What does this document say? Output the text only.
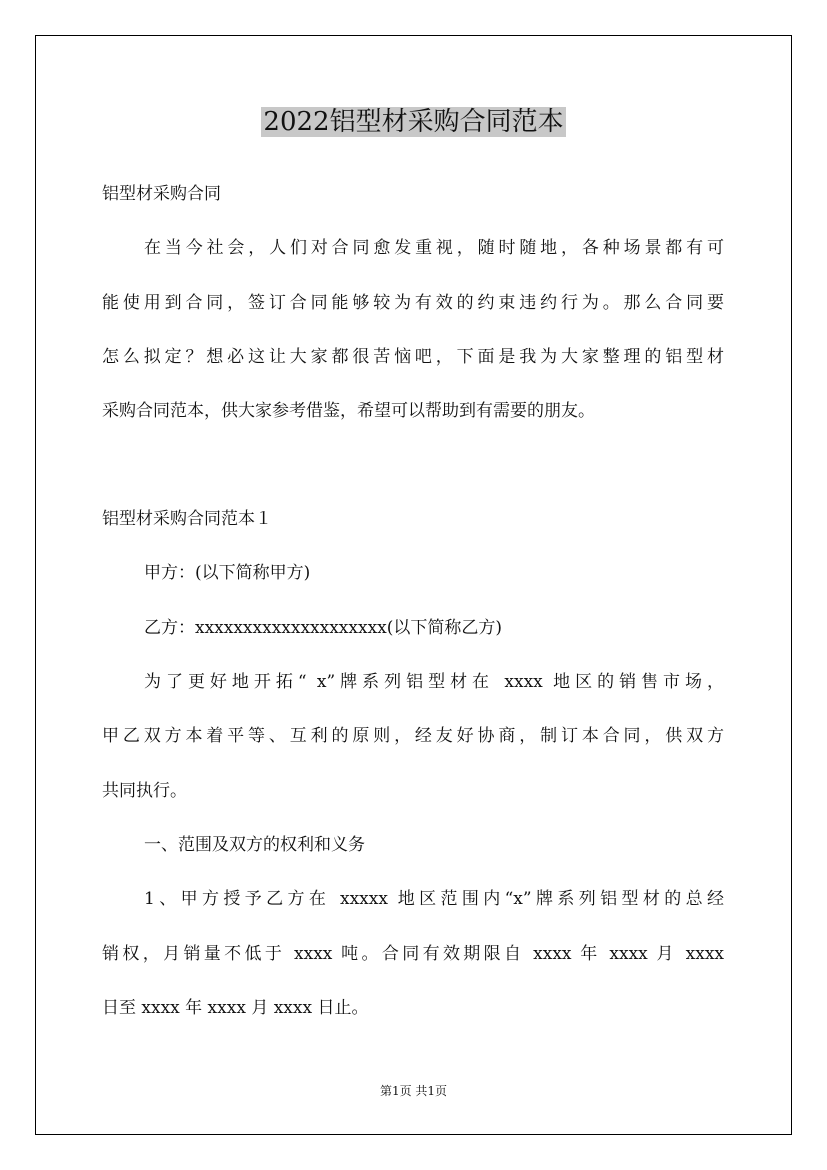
2022铝型材采购合同范本
铝型材采购合同
在当今社会，人们对合同愈发重视，随时随地，各种场景都有可
能使用到合同，签订合同能够较为有效的约束违约行为。那么合同要
怎么拟定？想必这让大家都很苦恼吧，下面是我为大家整理的铝型材
采购合同范本，供大家参考借鉴，希望可以帮助到有需要的朋友。
铝型材采购合同范本１
甲方：(以下简称甲方)
乙方：xxxxxxxxxxxxxxxxxxxx(以下简称乙方)
为了更好地开拓“ x”牌系列铝型材在 xxxx 地区的销售市场，
甲乙双方本着平等、互利的原则，经友好协商，制订本合同，供双方
共同执行。
一、范围及双方的权利和义务
1、甲方授予乙方在 xxxxx 地区范围内“x”牌系列铝型材的总经
销权，月销量不低于 xxxx 吨。合同有效期限自 xxxx 年 xxxx 月 xxxx
日至 xxxx 年 xxxx 月 xxxx 日止。
第1页 共1页
